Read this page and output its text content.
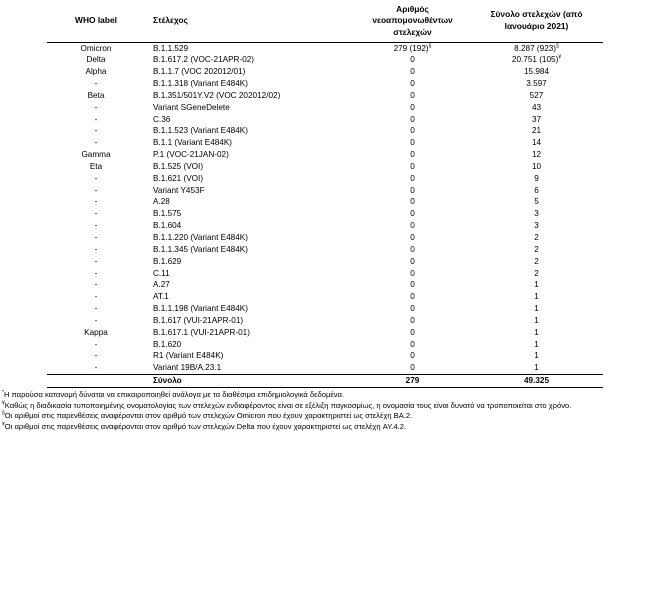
WHO label	Στέλεχος	Αριθμός νεοαπομονωθέντων στελεχών	Σύνολο στελεχών (από Ιανουάριο 2021)
Omicron	B.1.1.529	279 (192)§	8.287 (923)§
Delta	B.1.617.2 (VOC-21APR-02)	0	20.751 (105)¥
Alpha	B.1.1.7 (VOC 202012/01)	0	15.984
-	B.1.1.318 (Variant E484K)	0	3.597
Beta	B.1.351/501Y.V2 (VOC 202012/02)	0	527
-	Variant SGeneDelete	0	43
-	C.36	0	37
-	B.1.1.523 (Variant E484K)	0	21
-	B.1.1 (Variant E484K)	0	14
Gamma	P.1 (VOC-21JAN-02)	0	12
Eta	B.1.525 (VOI)	0	10
-	B.1.621 (VOI)	0	9
-	Variant Y453F	0	6
-	A.28	0	5
-	B.1.575	0	3
-	B.1.604	0	3
-	B.1.1.220 (Variant E484K)	0	2
-	B.1.1.345 (Variant E484K)	0	2
-	B.1.629	0	2
-	C.11	0	2
-	A.27	0	1
-	AT.1	0	1
-	B.1.1.198 (Variant E484K)	0	1
-	B.1.617 (VUI-21APR-01)	0	1
Kappa	B.1.617.1 (VUI-21APR-01)	0	1
-	B.1.620	0	1
-	R1 (Variant E484K)	0	1
-	Variant 19B/A.23.1	0	1
	Σύνολο	279	49.325

*Η παρούσα κατανομή δύναται να επικαιροποιηθεί ανάλογα με τα διαθέσιμα επιδημιολογικά δεδομένα.

¥Καθώς η διαδικασία τυποποιημένης ονοματολογίας των στελεχών ενδιαφέροντος είναι σε εξέλιξη παγκοσμίως, η ονομασία τους είναι δυνατό να τροποποιείται στο χρόνο.

§Οι αριθμοί στις παρενθέσεις αναφέρονται στον αριθμό των στελεχών Omicron που έχουν χαρακτηριστεί ως στελέχη BA.2.

¥Οι αριθμοί στις παρενθέσεις αναφέρονται στον αριθμό των στελεχών Delta που έχουν χαρακτηριστεί ως στελέχη AY.4.2.
